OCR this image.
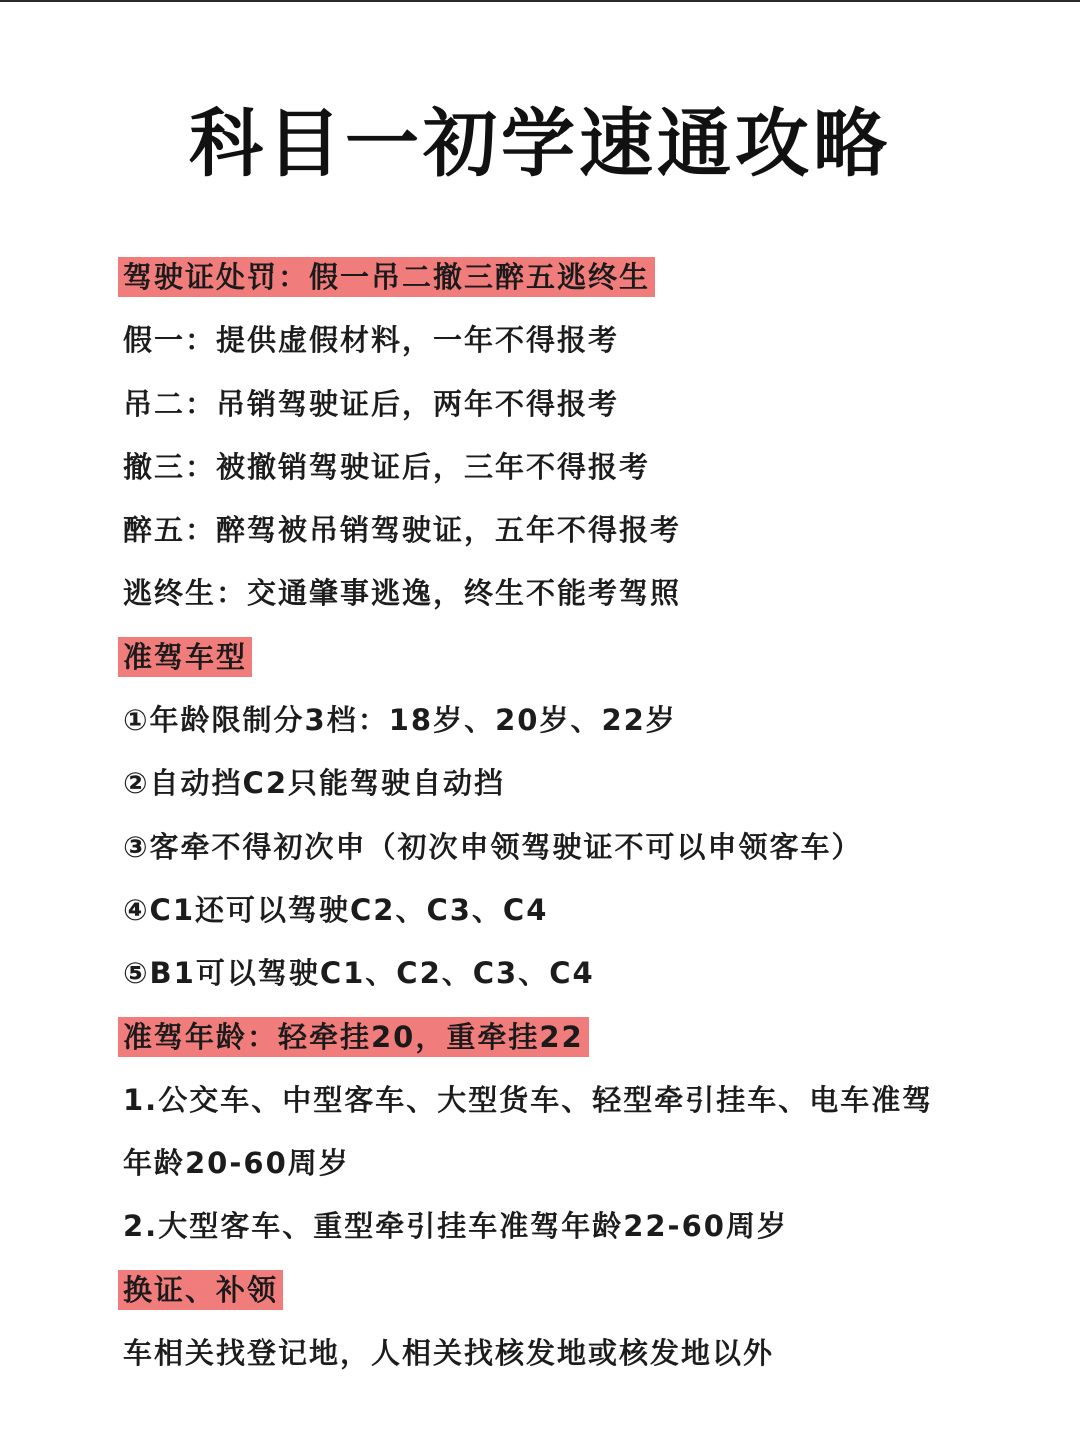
科目一初学速通攻略
驾驶证处罚：假一吊二撤三醉五逃终生
假一：提供虚假材料，一年不得报考
吊二：吊销驾驶证后，两年不得报考
撤三：被撤销驾驶证后，三年不得报考
醉五：醉驾被吊销驾驶证，五年不得报考
逃终生：交通肇事逃逸，终生不能考驾照
准驾车型
①年龄限制分3档：18岁、20岁、22岁
②自动挡C2只能驾驶自动挡
③客牵不得初次申（初次申领驾驶证不可以申领客车）
④C1还可以驾驶C2、C3、C4
⑤B1可以驾驶C1、C2、C3、C4
准驾年龄：轻牵挂20，重牵挂22
1.公交车、中型客车、大型货车、轻型牵引挂车、电车准驾
年龄20-60周岁
2.大型客车、重型牵引挂车准驾年龄22-60周岁
换证、补领
车相关找登记地，人相关找核发地或核发地以外
